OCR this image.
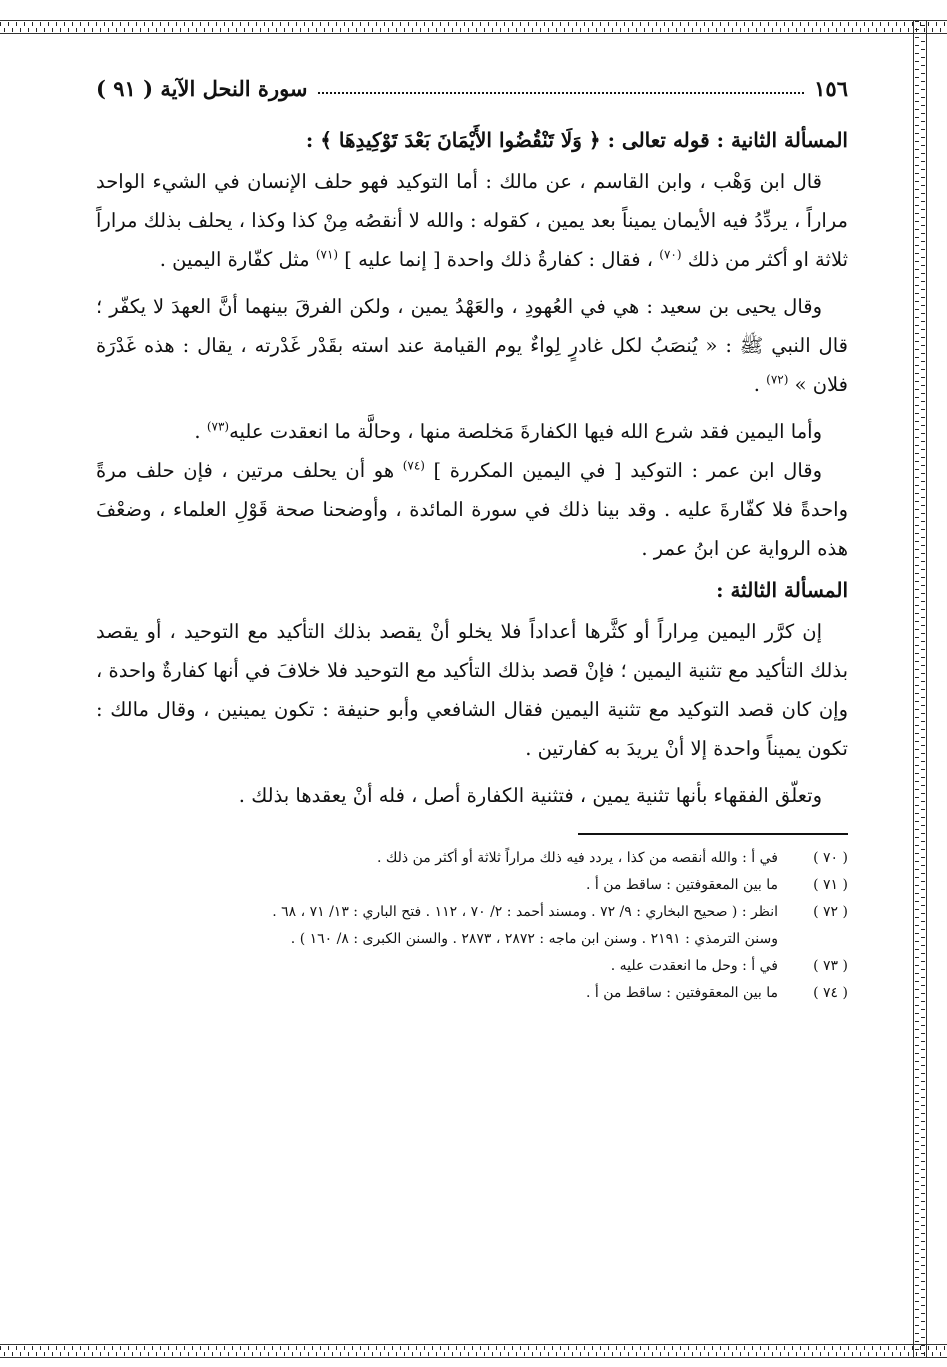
١٥٦
سورة النحل الآية ( ٩١ )

المسألة الثانية : قوله تعالى : ﴿ وَلَا تَنْقُضُوا الأَيْمَانَ بَعْدَ تَوْكِيدِهَا ﴾ :

قال ابن وَهْب ، وابن القاسم ، عن مالك : أما التوكيد فهو حلف الإنسان في الشيء الواحد مراراً ، يردِّدُ فيه الأيمان يميناً بعد يمين ، كقوله : والله لا أنقصُه مِنْ كذا وكذا ، يحلف بذلك مراراً ثلاثة او أكثر من ذلك $^{(٧٠)}$ ، فقال : كفارةُ ذلك واحدة [ إنما عليه ] $^{(٧١)}$ مثل كفّارة اليمين .

وقال يحيى بن سعيد : هي في العُهودِ ، والعَهْدُ يمين ، ولكن الفرقَ بينهما أنَّ العهدَ لا يكفّر ؛ قال النبي ﷺ : « يُنصَبُ لكل غادرٍ لِواءٌ يوم القيامة عند استه بقَدْر غَدْرته ، يقال : هذه غَدْرَة فلان » $^{(٧٢)}$ .

وأما اليمين فقد شرع الله فيها الكفارةَ مَخلصة منها ، وحالَّة ما انعقدت عليه$^{(٧٣)}$ .

وقال ابن عمر : التوكيد [ في اليمين المكررة ] $^{(٧٤)}$ هو أن يحلف مرتين ، فإن حلف مرةً واحدةً فلا كفّارةَ عليه . وقد بينا ذلك في سورة المائدة ، وأوضحنا صحة قَوْلِ العلماء ، وضعْفَ هذه الرواية عن ابنُ عمر .

المسألة الثالثة :

إن كرَّر اليمين مِراراً أو كثَّرها أعداداً فلا يخلو أنْ يقصد بذلك التأكيد مع التوحيد ، أو يقصد بذلك التأكيد مع تثنية اليمين ؛ فإنْ قصد بذلك التأكيد مع التوحيد فلا خلافَ في أنها كفارةٌ واحدة ، وإن كان قصد التوكيد مع تثنية اليمين فقال الشافعي وأبو حنيفة : تكون يمينين ، وقال مالك : تكون يميناً واحدة إلا أنْ يريدَ به كفارتين .

وتعلّق الفقهاء بأنها تثنية يمين ، فتثنية الكفارة أصل ، فله أنْ يعقدها بذلك .

( ٧٠ )
في أ : والله أنقصه من كذا ، يردد فيه ذلك مراراً ثلاثة أو أكثر من ذلك .
( ٧١ )
ما بين المعقوفتين : ساقط من أ .
( ٧٢ )
انظر : ( صحيح البخاري : ٩/ ٧٢ . ومسند أحمد : ٢/ ٧٠ ، ١١٢ . فتح الباري : ١٣/ ٧١ ، ٦٨ .
وسنن الترمذي : ٢١٩١ . وسنن ابن ماجه : ٢٨٧٢ ، ٢٨٧٣ . والسنن الكبرى : ٨/ ١٦٠ ) .
( ٧٣ )
في أ : وحل ما انعقدت عليه .
( ٧٤ )
ما بين المعقوفتين : ساقط من أ .
